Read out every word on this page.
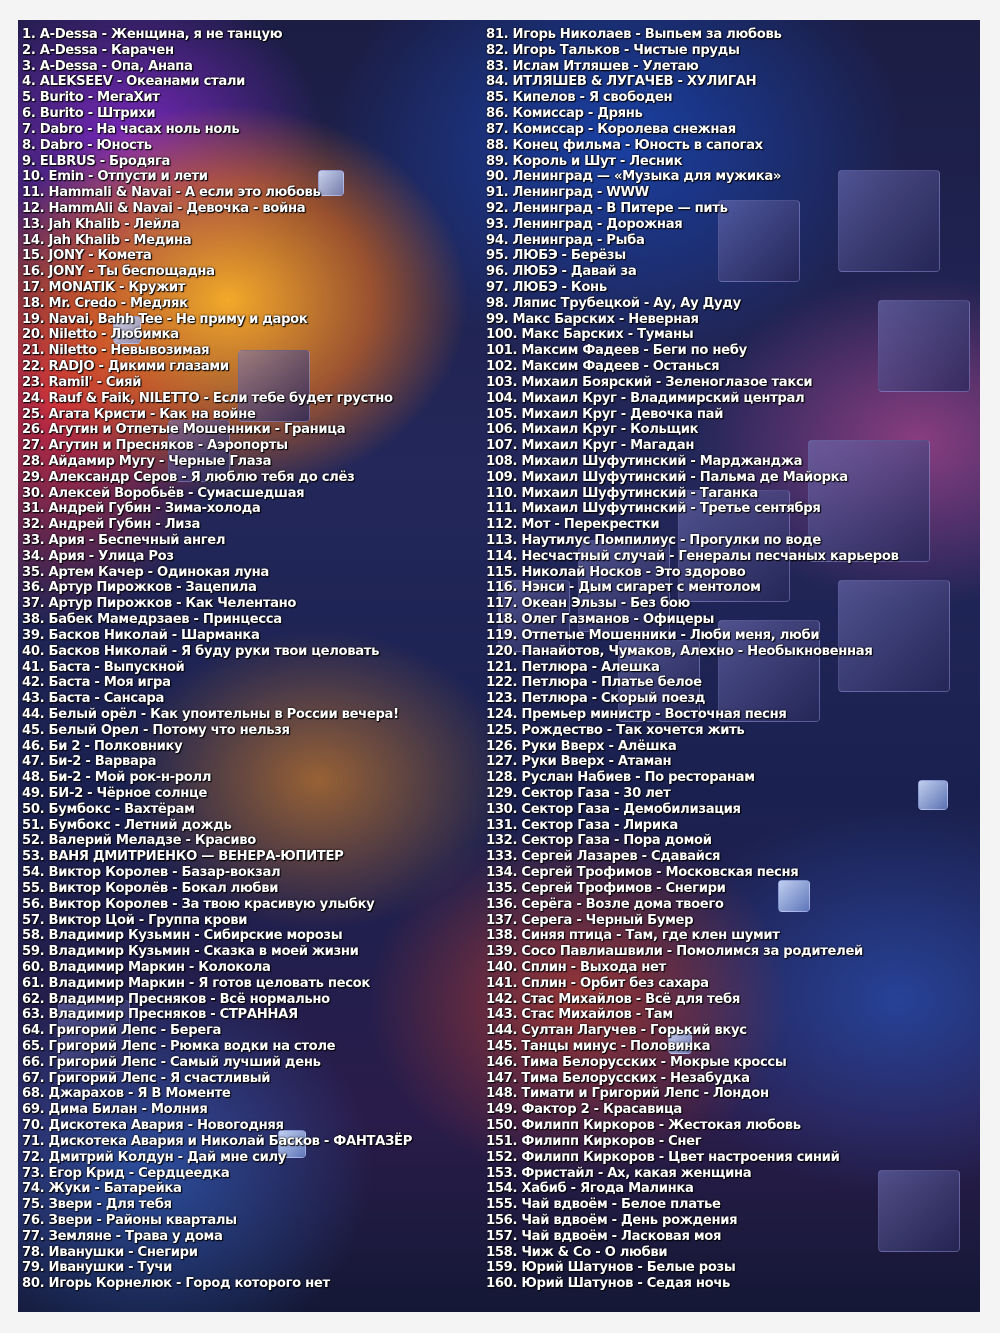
1. A-Dessa - Женщина, я не танцую
2. A-Dessa - Карачен
3. A-Dessa - Опа, Анапа
4. ALEKSEEV - Океанами стали
5. Burito - МегаХит
6. Burito - Штрихи
7. Dabro - На часах ноль ноль
8. Dabro - Юность
9. ELBRUS - Бродяга
10. Emin - Отпусти и лети
11. Hammali & Navai - А если это любовь
12. HammAli & Navai - Девочка - война
13. Jah Khalib - Лейла
14. Jah Khalib - Медина
15. JONY - Комета
16. JONY - Ты беспощадна
17. MONATIK - Кружит
18. Mr. Credo - Медляк
19. Navai, Bahh Tee - Не приму и дарок
20. Niletto - Любимка
21. Niletto - Невывозимая
22. RADJO - Дикими глазами
23. Ramil' - Сияй
24. Rauf & Faik, NILETTO - Если тебе будет грустно
25. Агата Кристи - Как на войне
26. Агутин и Отпетые Мошенники - Граница
27. Агутин и Пресняков - Аэропорты
28. Айдамир Мугу - Черные Глаза
29. Александр Серов - Я люблю тебя до слёз
30. Алексей Воробьёв - Сумасшедшая
31. Андрей Губин - Зима-холода
32. Андрей Губин - Лиза
33. Ария - Беспечный ангел
34. Ария - Улица Роз
35. Артем Качер - Одинокая луна
36. Артур Пирожков - Зацепила
37. Артур Пирожков - Как Челентано
38. Бабек Мамедрзаев - Принцесса
39. Басков Николай - Шарманка
40. Басков Николай - Я буду руки твои целовать
41. Баста - Выпускной
42. Баста - Моя игра
43. Баста - Сансара
44. Белый орёл - Как упоительны в России вечера!
45. Белый Орел - Потому что нельзя
46. Би 2 - Полковнику
47. Би-2 - Варвара
48. Би-2 - Мой рок-н-ролл
49. БИ-2 - Чёрное солнце
50. Бумбокс - Вахтёрам
51. Бумбокс - Летний дождь
52. Валерий Меладзе - Красиво
53. ВАНЯ ДМИТРИЕНКО — ВЕНЕРА-ЮПИТЕР
54. Виктор Королев - Базар-вокзал
55. Виктор Королёв - Бокал любви
56. Виктор Королев - За твою красивую улыбку
57. Виктор Цой - Группа крови
58. Владимир Кузьмин - Сибирские морозы
59. Владимир Кузьмин - Сказка в моей жизни
60. Владимир Маркин - Колокола
61. Владимир Маркин - Я готов целовать песок
62. Владимир Пресняков - Всё нормально
63. Владимир Пресняков - СТРАННАЯ
64. Григорий Лепс - Берега
65. Григорий Лепс - Рюмка водки на столе
66. Григорий Лепс - Самый лучший день
67. Григорий Лепс - Я счастливый
68. Джарахов - Я В Моменте
69. Дима Билан - Молния
70. Дискотека Авария - Новогодняя
71. Дискотека Авария и Николай Басков - ФАНТАЗЁР
72. Дмитрий Колдун - Дай мне силу
73. Егор Крид - Сердцеедка
74. Жуки - Батарейка
75. Звери - Для тебя
76. Звери - Районы кварталы
77. Земляне - Трава у дома
78. Иванушки - Снегири
79. Иванушки - Тучи
80. Игорь Корнелюк - Город которого нет
81. Игорь Николаев - Выпьем за любовь
82. Игорь Тальков - Чистые пруды
83. Ислам Итляшев - Улетаю
84. ИТЛЯШЕВ & ЛУГАЧЕВ - ХУЛИГАН
85. Кипелов - Я свободен
86. Комиссар - Дрянь
87. Комиссар - Королева снежная
88. Конец фильма - Юность в сапогах
89. Король и Шут - Лесник
90. Ленинград — «Музыка для мужика»
91. Ленинград - WWW
92. Ленинград - В Питере — пить
93. Ленинград - Дорожная
94. Ленинград - Рыба
95. ЛЮБЭ - Берёзы
96. ЛЮБЭ - Давай за
97. ЛЮБЭ - Конь
98. Ляпис Трубецкой - Ау, Ау Дуду
99. Макс Барских - Неверная
100. Макс Барских - Туманы
101. Максим Фадеев - Беги по небу
102. Максим Фадеев - Останься
103. Михаил Боярский - Зеленоглазое такси
104. Михаил Круг - Владимирский централ
105. Михаил Круг - Девочка пай
106. Михаил Круг - Кольщик
107. Михаил Круг - Магадан
108. Михаил Шуфутинский - Марджанджа
109. Михаил Шуфутинский - Пальма де Майорка
110. Михаил Шуфутинский - Таганка
111. Михаил Шуфутинский - Третье сентября
112. Мот - Перекрестки
113. Наутилус Помпилиус - Прогулки по воде
114. Несчастный случай - Генералы песчаных карьеров
115. Николай Носков - Это здорово
116. Нэнси - Дым сигарет с ментолом
117. Океан Эльзы - Без бою
118. Олег Газманов - Офицеры
119. Отпетые Мошенники - Люби меня, люби
120. Панайотов, Чумаков, Алехно - Необыкновенная
121. Петлюра - Алешка
122. Петлюра - Платье белое
123. Петлюра - Скорый поезд
124. Премьер министр - Восточная песня
125. Рождество - Так хочется жить
126. Руки Вверх - Алёшка
127. Руки Вверх - Атаман
128. Руслан Набиев - По ресторанам
129. Сектор Газа - 30 лет
130. Сектор Газа - Демобилизация
131. Сектор Газа - Лирика
132. Сектор Газа - Пора домой
133. Сергей Лазарев - Сдавайся
134. Сергей Трофимов - Московская песня
135. Сергей Трофимов - Снегири
136. Серёга - Возле дома твоего
137. Серега - Черный Бумер
138. Синяя птица - Там, где клен шумит
139. Сосо Павлиашвили - Помолимся за родителей
140. Сплин - Выхода нет
141. Сплин - Орбит без сахара
142. Стас Михайлов - Всё для тебя
143. Стас Михайлов - Там
144. Султан Лагучев - Горький вкус
145. Танцы минус - Половинка
146. Тима Белорусских - Мокрые кроссы
147. Тима Белорусских - Незабудка
148. Тимати и Григорий Лепс - Лондон
149. Фактор 2 - Красавица
150. Филипп Киркоров - Жестокая любовь
151. Филипп Киркоров - Снег
152. Филипп Киркоров - Цвет настроения синий
153. Фристайл - Ах, какая женщина
154. Хабиб - Ягода Малинка
155. Чай вдвоём - Белое платье
156. Чай вдвоём - День рождения
157. Чай вдвоём - Ласковая моя
158. Чиж & Co - О любви
159. Юрий Шатунов - Белые розы
160. Юрий Шатунов - Седая ночь
